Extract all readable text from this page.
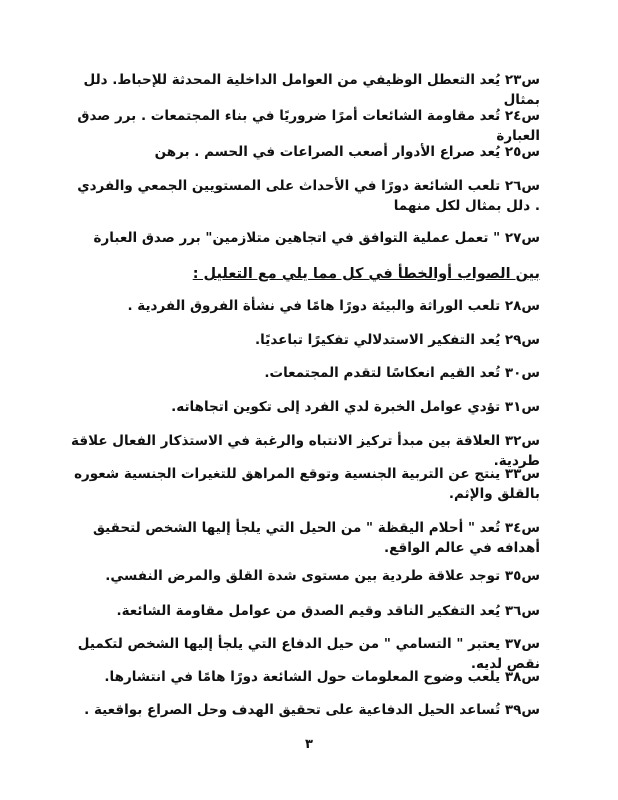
س٢٣ يُعد التعطل الوظيفي من العوامل الداخلية المحدثة للإحباط. دلل بمثال
س٢٤ تُعد مقاومة الشائعات أمرًا ضروريًا في بناء المجتمعات . برر صدق العبارة
س٢٥ يُعد صراع الأدوار أصعب الصراعات في الحسم . برهن
س٢٦ تلعب الشائعة دورًا في الأحداث على المستويين الجمعي والفردي . دلل بمثال لكل منهما
س٢٧ " تعمل عملية التوافق في اتجاهين متلازمين" برر صدق العبارة
بين الصواب أوالخطأ في كل مما يلي مع التعليل :
س٢٨ تلعب الوراثة والبيئة دورًا هامًا في نشأة الفروق الفردية .
س٢٩ يُعد التفكير الاستدلالي تفكيرًا تباعديًا.
س٣٠ تُعد القيم انعكاسًا لتقدم المجتمعات.
س٣١ تؤدي عوامل الخبرة لدي الفرد إلى تكوين اتجاهاته.
س٣٢ العلاقة بين مبدأ تركيز الانتباه والرغبة في الاستذكار الفعال علاقة طردية.
س٣٣ ينتج عن التربية الجنسية وتوقع المراهق للتغيرات الجنسية شعوره بالقلق والإثم.
س٣٤ تُعد " أحلام اليقظة " من الحيل التي يلجأ إليها الشخص لتحقيق أهدافه في عالم الواقع.
س٣٥ توجد علاقة طردية بين مستوى شدة القلق والمرض النفسي.
س٣٦ يُعد التفكير الناقد وقيم الصدق من عوامل مقاومة الشائعة.
س٣٧ يعتبر " التسامي " من حيل الدفاع التي يلجأ إليها الشخص لتكميل نقص لديه.
س٣٨ يلعب وضوح المعلومات حول الشائعة دورًا هامًا في انتشارها.
س٣٩ تُساعد الحيل الدفاعية على تحقيق الهدف وحل الصراع بواقعية .
٣
